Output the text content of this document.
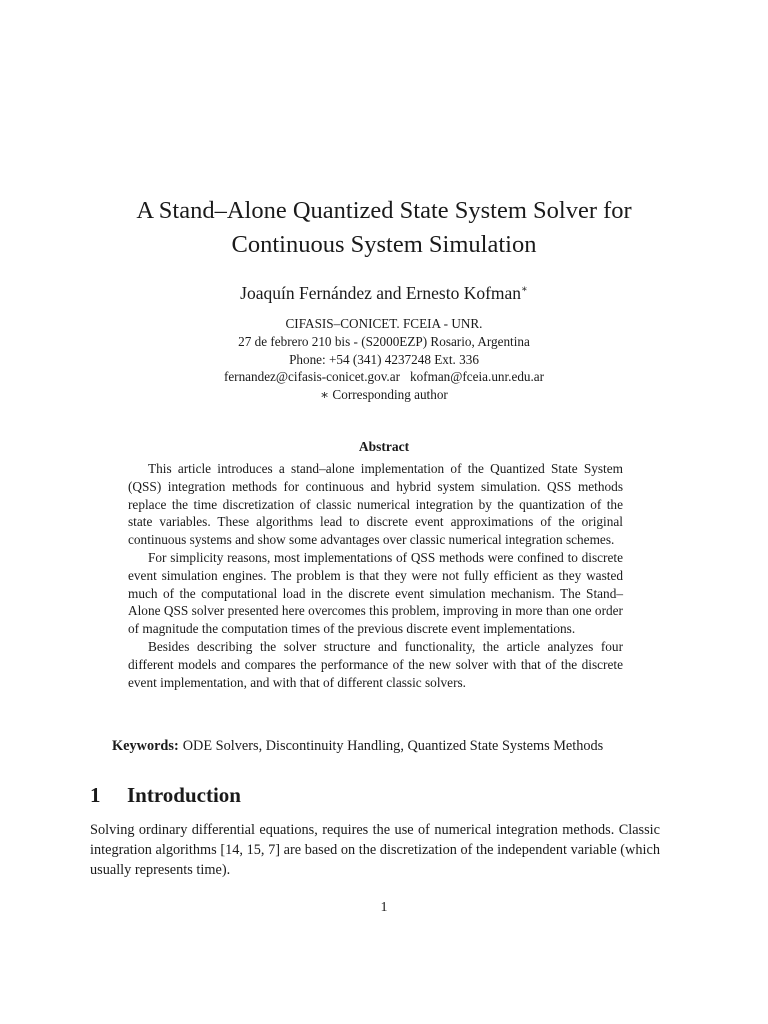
A Stand–Alone Quantized State System Solver for
Continuous System Simulation
Joaquín Fernández and Ernesto Kofman∗
CIFASIS–CONICET. FCEIA - UNR.
27 de febrero 210 bis - (S2000EZP) Rosario, Argentina
Phone: +54 (341) 4237248 Ext. 336
fernandez@cifasis-conicet.gov.ar kofman@fceia.unr.edu.ar
∗ Corresponding author
Abstract

This article introduces a stand–alone implementation of the Quantized State System (QSS) integration methods for continuous and hybrid system simulation. QSS methods replace the time discretization of classic numerical integration by the quantization of the state variables. These algorithms lead to discrete event approximations of the original continuous systems and show some advantages over classic numerical integration schemes.

For simplicity reasons, most implementations of QSS methods were confined to discrete event simulation engines. The problem is that they were not fully efficient as they wasted much of the computational load in the discrete event simulation mechanism. The Stand–Alone QSS solver presented here overcomes this problem, improving in more than one order of magnitude the computation times of the previous discrete event implementations.

Besides describing the solver structure and functionality, the article analyzes four different models and compares the performance of the new solver with that of the discrete event implementation, and with that of different classic solvers.

Keywords: ODE Solvers, Discontinuity Handling, Quantized State Systems Methods
1 Introduction

Solving ordinary differential equations, requires the use of numerical integration methods. Classic integration algorithms [14, 15, 7] are based on the discretization of the independent variable (which usually represents time).

1
